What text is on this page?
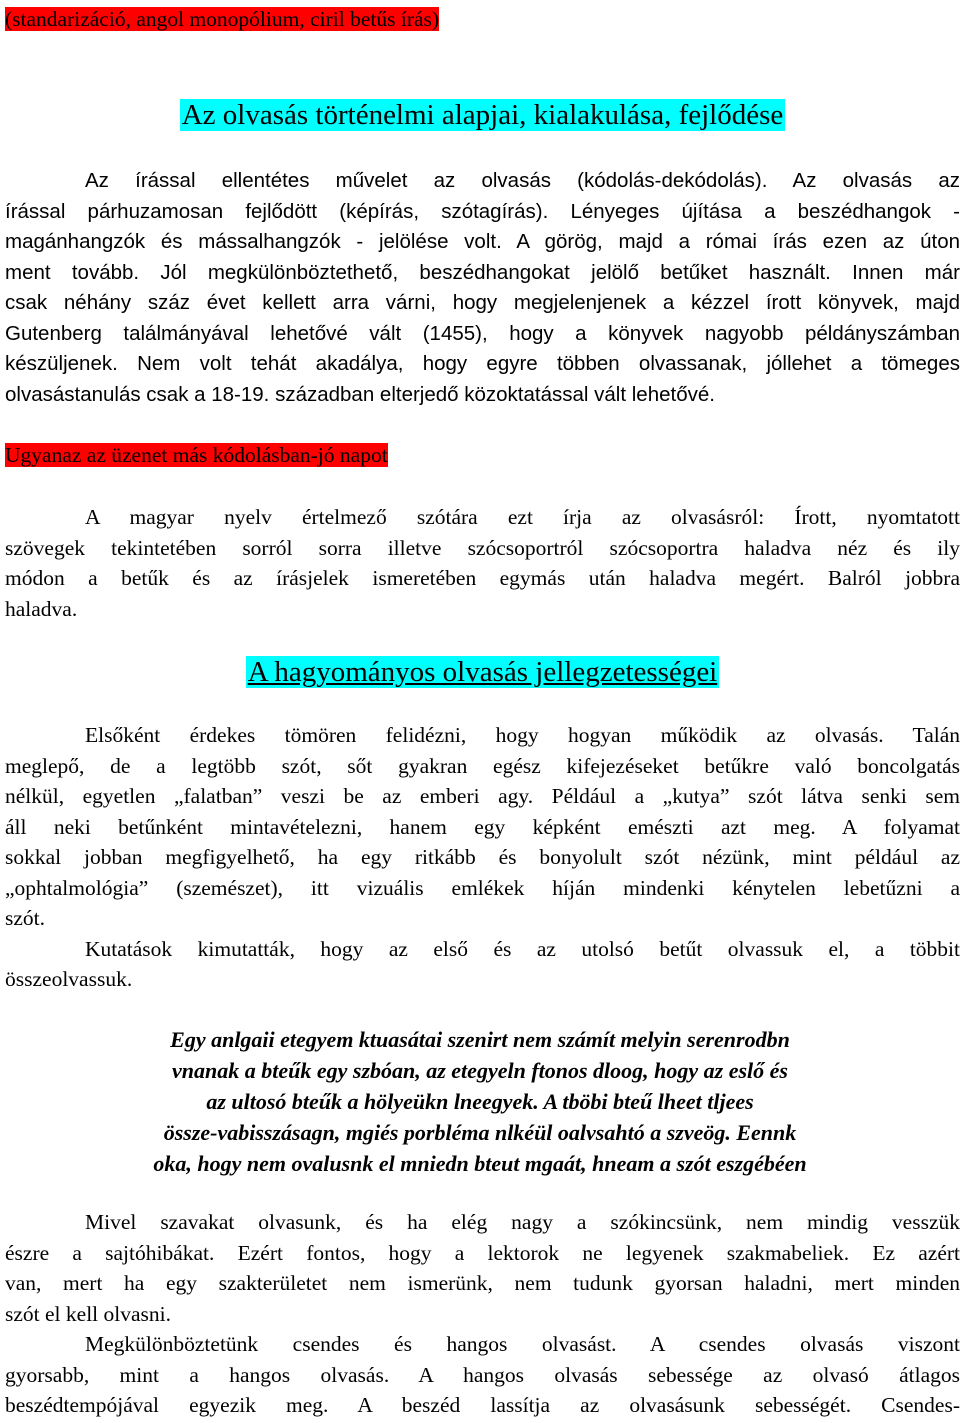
(standarizáció, angol monopólium, ciril betűs írás)

Az olvasás történelmi alapjai, kialakulása, fejlődése
Az írással ellentétes művelet az olvasás (kódolás-dekódolás). Az olvasás az
írással párhuzamosan fejlődött (képírás, szótagírás). Lényeges újítása a beszédhangok -
magánhangzók és mássalhangzók - jelölése volt. A görög, majd a római írás ezen az úton
ment tovább. Jól megkülönböztethető, beszédhangokat jelölő betűket használt. Innen már
csak néhány száz évet kellett arra várni, hogy megjelenjenek a kézzel írott könyvek, majd
Gutenberg találmányával lehetővé vált (1455), hogy a könyvek nagyobb példányszámban
készüljenek. Nem volt tehát akadálya, hogy egyre többen olvassanak, jóllehet a tömeges
olvasástanulás csak a 18-19. században elterjedő közoktatással vált lehetővé.

Ugyanaz az üzenet más kódolásban-jó napot

A magyar nyelv értelmező szótára ezt írja az olvasásról: Írott, nyomtatott
szövegek tekintetében sorról sorra illetve szócsoportról szócsoportra haladva néz és ily
módon a betűk és az írásjelek ismeretében egymás után haladva megért. Balról jobbra
haladva.
A hagyományos olvasás jellegzetességei
Elsőként érdekes tömören felidézni, hogy hogyan működik az olvasás. Talán
meglepő, de a legtöbb szót, sőt gyakran egész kifejezéseket betűkre való boncolgatás
nélkül, egyetlen „falatban” veszi be az emberi agy. Például a „kutya” szót látva senki sem
áll neki betűnként mintavételezni, hanem egy képként emészti azt meg. A folyamat
sokkal jobban megfigyelhető, ha egy ritkább és bonyolult szót nézünk, mint például az
„ophtalmológia” (szemészet), itt vizuális emlékek híján mindenki kénytelen lebetűzni a
szót.
Kutatások kimutatták, hogy az első és az utolsó betűt olvassuk el, a többit
összeolvassuk.
Egy anlgaii etegyem ktuasátai szenirt nem számít melyin serenrodbn
vnanak a bteűk egy szbóan, az etegyeln ftonos dloog, hogy az eslő és
az ultosó bteűk a hölyeükn lneegyek. A tböbi bteű lheet tljees
össze-vabisszásagn, mgiés porbléma nlkéül oalvsahtó a szveög. Eennk
oka, hogy nem ovalusnk el mniedn bteut mgaát, hneam a szót eszgébéen
Mivel szavakat olvasunk, és ha elég nagy a szókincsünk, nem mindig vesszük
észre a sajtóhibákat. Ezért fontos, hogy a lektorok ne legyenek szakmabeliek. Ez azért
van, mert ha egy szakterületet nem ismerünk, nem tudunk gyorsan haladni, mert minden
szót el kell olvasni.
Megkülönböztetünk csendes és hangos olvasást. A csendes olvasás viszont
gyorsabb, mint a hangos olvasás. A hangos olvasás sebessége az olvasó átlagos
beszédtempójával egyezik meg. A beszéd lassítja az olvasásunk sebességét. Csendes-
